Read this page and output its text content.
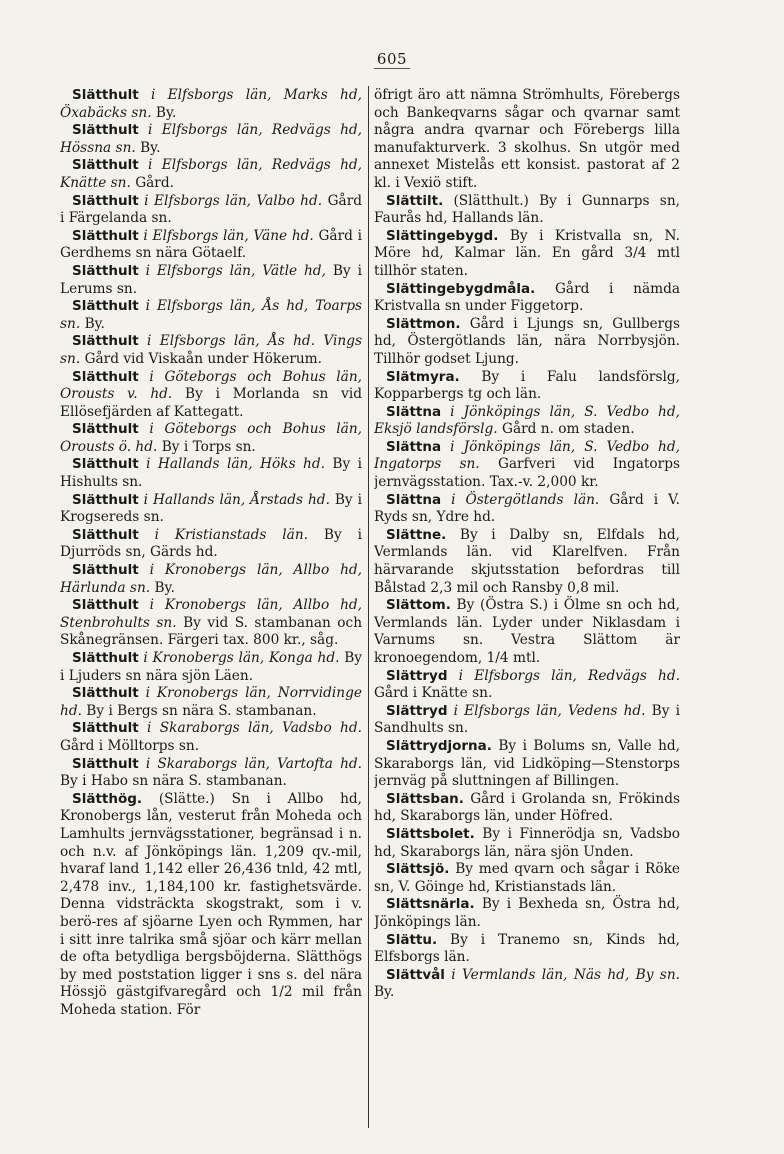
605

Slätthult i Elfsborgs län, Marks hd, Öxabäcks sn. By.

Slätthult i Elfsborgs län, Redvägs hd, Hössna sn. By.

Slätthult i Elfsborgs län, Redvägs hd, Knätte sn. Gård.

Slätthult i Elfsborgs län, Valbo hd. Gård i Färgelanda sn.

Slätthult i Elfsborgs län, Väne hd. Gård i Gerdhems sn nära Götaelf.

Slätthult i Elfsborgs län, Vätle hd, By i Lerums sn.

Slätthult i Elfsborgs län, Ås hd, Toarps sn. By.

Slätthult i Elfsborgs län, Ås hd. Vings sn. Gård vid Viskaån under Hökerum.

Slätthult i Göteborgs och Bohus län, Orousts v. hd. By i Morlanda sn vid Ellösefjärden af Kattegatt.

Slätthult i Göteborgs och Bohus län, Orousts ö. hd. By i Torps sn.

Slätthult i Hallands län, Höks hd. By i Hishults sn.

Slätthult i Hallands län, Årstads hd. By i Krogsereds sn.

Slätthult i Kristianstads län. By i Djurröds sn, Gärds hd.

Slätthult i Kronobergs län, Allbo hd, Härlunda sn. By.

Slätthult i Kronobergs län, Allbo hd, Stenbrohults sn. By vid S. stambanan och Skånegränsen. Färgeri tax. 800 kr., såg.

Slätthult i Kronobergs län, Konga hd. By i Ljuders sn nära sjön Läen.

Slätthult i Kronobergs län, Norrvidinge hd. By i Bergs sn nära S. stambanan.

Slätthult i Skaraborgs län, Vadsbo hd. Gård i Mölltorps sn.

Slätthult i Skaraborgs län, Vartofta hd. By i Habo sn nära S. stambanan.

Slätthög. (Slätte.) Sn i Allbo hd, Kronobergs lån, vesterut från Moheda och Lamhults jernvägsstationer, begränsad i n. och n.v. af Jönköpings län. 1,209 qv.-mil, hvaraf land 1,142 eller 26,436 tnld, 42 mtl, 2,478 inv., 1,184,100 kr. fastighetsvärde. Denna vidsträckta skogstrakt, som i v. berö-res af sjöarne Lyen och Rymmen, har i sitt inre talrika små sjöar och kärr mellan de ofta betydliga bergsböjderna. Slätthögs by med poststation ligger i sns s. del nära Hössjö gästgifvaregård och 1/2 mil från Moheda station. För

öfrigt äro att nämna Strömhults, Förebergs och Bankeqvarns sågar och qvarnar samt några andra qvarnar och Förebergs lilla manufakturverk. 3 skolhus. Sn utgör med annexet Mistelås ett konsist. pastorat af 2 kl. i Vexiö stift.

Slättilt. (Slätthult.) By i Gunnarps sn, Faurås hd, Hallands län.

Slättingebygd. By i Kristvalla sn, N. Möre hd, Kalmar län. En gård 3/4 mtl tillhör staten.

Slättingebygdmåla. Gård i nämda Kristvalla sn under Figgetorp.

Slättmon. Gård i Ljungs sn, Gullbergs hd, Östergötlands län, nära Norrbysjön. Tillhör godset Ljung.

Slätmyra. By i Falu landsförslg, Kopparbergs tg och län.

Slättna i Jönköpings län, S. Vedbo hd, Eksjö landsförslg. Gård n. om staden.

Slättna i Jönköpings län, S. Vedbo hd, Ingatorps sn. Garfveri vid Ingatorps jernvägsstation. Tax.-v. 2,000 kr.

Slättna i Östergötlands län. Gård i V. Ryds sn, Ydre hd.

Slättne. By i Dalby sn, Elfdals hd, Vermlands län. vid Klarelfven. Från härvarande skjutsstation befordras till Bålstad 2,3 mil och Ransby 0,8 mil.

Slättom. By (Östra S.) i Ölme sn och hd, Vermlands län. Lyder under Niklasdam i Varnums sn. Vestra Slättom är kronoegendom, 1/4 mtl.

Slättryd i Elfsborgs län, Redvägs hd. Gård i Knätte sn.

Slättryd i Elfsborgs län, Vedens hd. By i Sandhults sn.

Slättrydjorna. By i Bolums sn, Valle hd, Skaraborgs län, vid Lidköping—Stenstorps jernväg på sluttningen af Billingen.

Slättsban. Gård i Grolanda sn, Frökinds hd, Skaraborgs län, under Höfred.

Slättsbolet. By i Finnerödja sn, Vadsbo hd, Skaraborgs län, nära sjön Unden.

Slättsjö. By med qvarn och sågar i Röke sn, V. Göinge hd, Kristianstads län.

Slättsnärla. By i Bexheda sn, Östra hd, Jönköpings län.

Slättu. By i Tranemo sn, Kinds hd, Elfsborgs län.

Slättvål i Vermlands län, Näs hd, By sn. By.
